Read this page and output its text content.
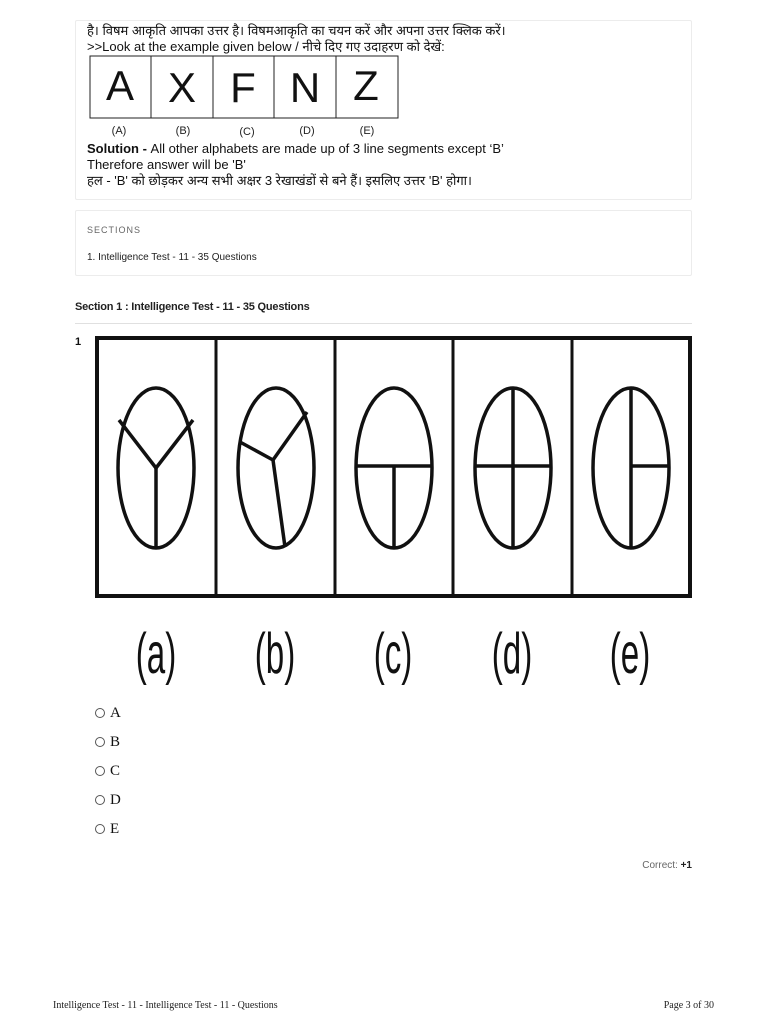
है। विषम आकृति आपका उत्तर है। विषमआकृति का चयन करें और अपना उत्तर क्लिक करें।
>>Look at the example given below / नीचे दिए गए उदाहरण को देखें:
A X F N Z
(A)	(B)	(C)	(D)	(E)
Solution - All other alphabets are made up of 3 line segments except ‘B’
Therefore answer will be 'B'
हल - 'B' को छोड़कर अन्य सभी अक्षर 3 रेखाखंडों से बने हैं। इसलिए उत्तर 'B' होगा।
SECTIONS
1. Intelligence Test - 11 - 35 Questions
Section 1 : Intelligence Test - 11 - 35 Questions
1
(a) (b) (c) (d) (e)
A
B
C
D
E
Correct: +1
Intelligence Test - 11 - Intelligence Test - 11 - Questions	Page 3 of 30
